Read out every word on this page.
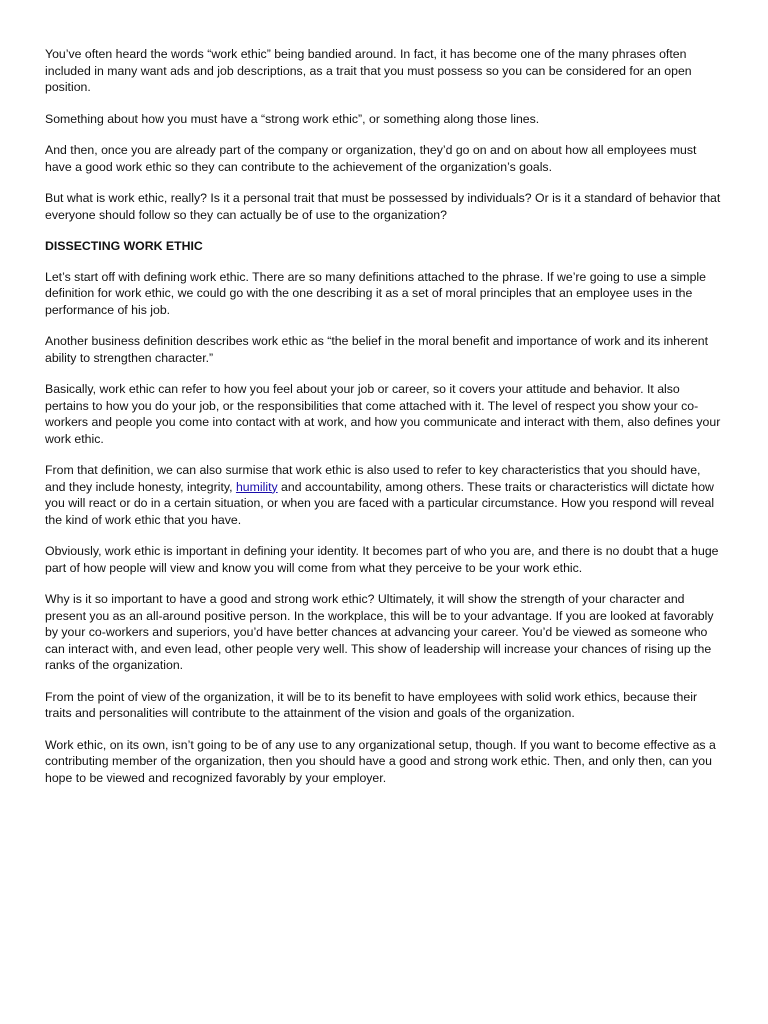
You’ve often heard the words “work ethic” being bandied around. In fact, it has become one of the many phrases often included in many want ads and job descriptions, as a trait that you must possess so you can be considered for an open position.

Something about how you must have a “strong work ethic”, or something along those lines.

And then, once you are already part of the company or organization, they’d go on and on about how all employees must have a good work ethic so they can contribute to the achievement of the organization’s goals.

But what is work ethic, really? Is it a personal trait that must be possessed by individuals? Or is it a standard of behavior that everyone should follow so they can actually be of use to the organization?

DISSECTING WORK ETHIC

Let’s start off with defining work ethic. There are so many definitions attached to the phrase. If we’re going to use a simple definition for work ethic, we could go with the one describing it as a set of moral principles that an employee uses in the performance of his job.

Another business definition describes work ethic as “the belief in the moral benefit and importance of work and its inherent ability to strengthen character.”

Basically, work ethic can refer to how you feel about your job or career, so it covers your attitude and behavior. It also pertains to how you do your job, or the responsibilities that come attached with it. The level of respect you show your co-workers and people you come into contact with at work, and how you communicate and interact with them, also defines your work ethic.

From that definition, we can also surmise that work ethic is also used to refer to key characteristics that you should have, and they include honesty, integrity, humility and accountability, among others. These traits or characteristics will dictate how you will react or do in a certain situation, or when you are faced with a particular circumstance. How you respond will reveal the kind of work ethic that you have.

Obviously, work ethic is important in defining your identity. It becomes part of who you are, and there is no doubt that a huge part of how people will view and know you will come from what they perceive to be your work ethic.

Why is it so important to have a good and strong work ethic? Ultimately, it will show the strength of your character and present you as an all-around positive person. In the workplace, this will be to your advantage. If you are looked at favorably by your co-workers and superiors, you’d have better chances at advancing your career. You’d be viewed as someone who can interact with, and even lead, other people very well. This show of leadership will increase your chances of rising up the ranks of the organization.

From the point of view of the organization, it will be to its benefit to have employees with solid work ethics, because their traits and personalities will contribute to the attainment of the vision and goals of the organization.

Work ethic, on its own, isn’t going to be of any use to any organizational setup, though. If you want to become effective as a contributing member of the organization, then you should have a good and strong work ethic. Then, and only then, can you hope to be viewed and recognized favorably by your employer.
